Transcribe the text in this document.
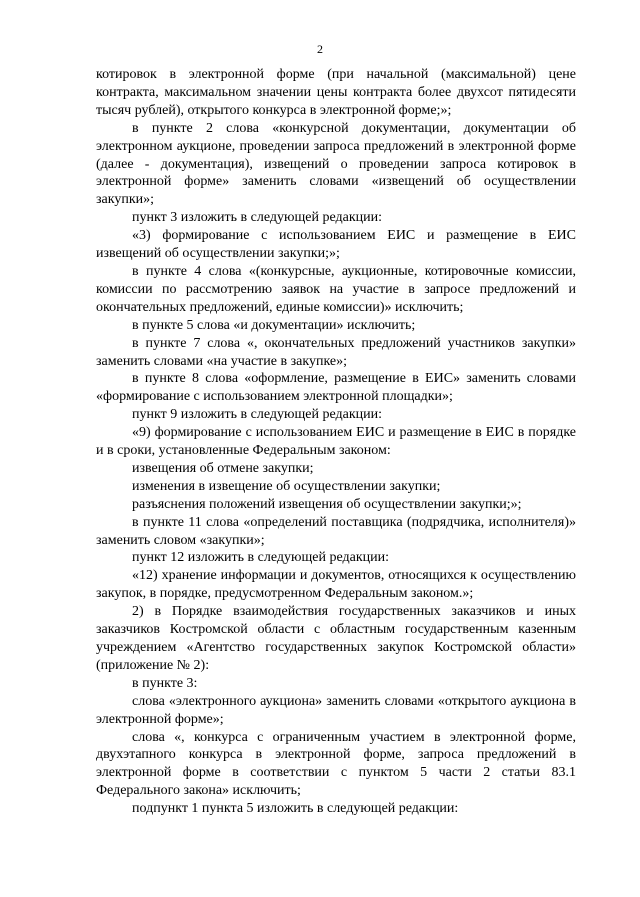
2

котировок в электронной форме (при начальной (максимальной) цене контракта, максимальном значении цены контракта более двухсот пятидесяти тысяч рублей), открытого конкурса в электронной форме;»;

в пункте 2 слова «конкурсной документации, документации об электронном аукционе, проведении запроса предложений в электронной форме (далее - документация), извещений о проведении запроса котировок в электронной форме» заменить словами «извещений об осуществлении закупки»;

пункт 3 изложить в следующей редакции:

«3) формирование с использованием ЕИС и размещение в ЕИС извещений об осуществлении закупки;»;

в пункте 4 слова «(конкурсные, аукционные, котировочные комиссии, комиссии по рассмотрению заявок на участие в запросе предложений и окончательных предложений, единые комиссии)» исключить;

в пункте 5 слова «и документации» исключить;

в пункте 7 слова «, окончательных предложений участников закупки» заменить словами «на участие в закупке»;

в пункте 8 слова «оформление, размещение в ЕИС» заменить словами «формирование с использованием электронной площадки»;

пункт 9 изложить в следующей редакции:

«9) формирование с использованием ЕИС и размещение в ЕИС в порядке и в сроки, установленные Федеральным законом:

извещения об отмене закупки;

изменения в извещение об осуществлении закупки;

разъяснения положений извещения об осуществлении закупки;»;

в пункте 11 слова «определений поставщика (подрядчика, исполнителя)» заменить словом «закупки»;

пункт 12 изложить в следующей редакции:

«12) хранение информации и документов, относящихся к осуществлению закупок, в порядке, предусмотренном Федеральным законом.»;

2) в Порядке взаимодействия государственных заказчиков и иных заказчиков Костромской области с областным государственным казенным учреждением «Агентство государственных закупок Костромской области» (приложение № 2):

в пункте 3:

слова «электронного аукциона» заменить словами «открытого аукциона в электронной форме»;

слова «, конкурса с ограниченным участием в электронной форме, двухэтапного конкурса в электронной форме, запроса предложений в электронной форме в соответствии с пунктом 5 части 2 статьи 83.1 Федерального закона» исключить;

подпункт 1 пункта 5 изложить в следующей редакции:
